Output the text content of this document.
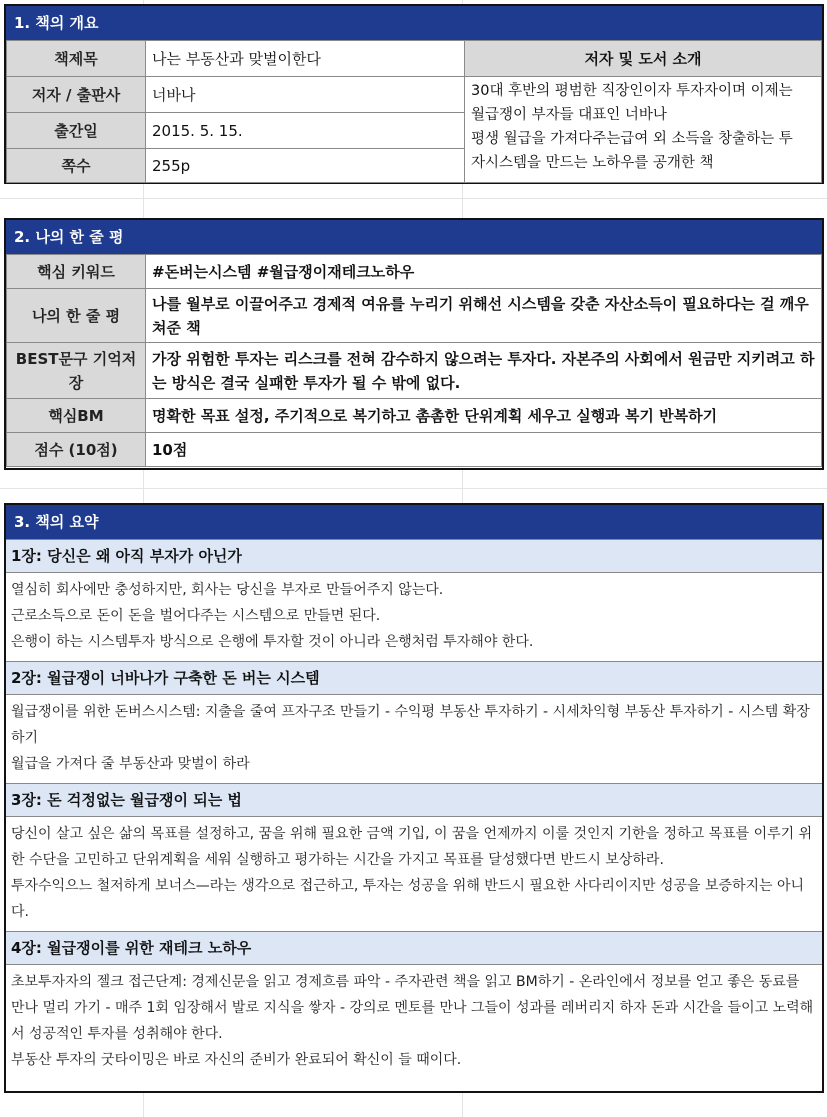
1. 책의 개요
책제목	나는 부동산과 맞벌이한다	저자 및 도서 소개
저자 / 출판사	너바나	30대 후반의 평범한 직장인이자 투자자이며 이제는
월급쟁이 부자들 대표인 너바나
평생 월급을 가져다주는급여 외 소득을 창출하는 투
자시스템을 만드는 노하우를 공개한 책

출간일	2015. 5. 15.	
쪽수	255p	
2. 나의 한 줄 평
핵심 키워드	#돈버는시스템 #월급쟁이재테크노하우
나의 한 줄 평	나를 월부로 이끌어주고 경제적 여유를 누리기 위해선 시스템을 갖춘 자산소득이 필요하다는 걸 깨우쳐준 책
BEST문구 기억저장	가장 위험한 투자는 리스크를 전혀 감수하지 않으려는 투자다. 자본주의 사회에서 원금만 지키려고 하는 방식은 결국 실패한 투자가 될 수 밖에 없다.
핵심BM	명확한 목표 설정, 주기적으로 복기하고 촘촘한 단위계획 세우고 실행과 복기 반복하기
점수 (10점)	10점
3. 책의 요약
1장: 당신은 왜 아직 부자가 아닌가
열심히 회사에만 충성하지만, 회사는 당신을 부자로 만들어주지 않는다.
근로소득으로 돈이 돈을 벌어다주는 시스템으로 만들면 된다.
은행이 하는 시스템투자 방식으로 은행에 투자할 것이 아니라 은행처럼 투자해야 한다.
2장: 월급쟁이 너바나가 구축한 돈 버는 시스템
월급쟁이를 위한 돈버스시스템: 지출을 줄여 프자구조 만들기 - 수익평 부동산 투자하기 - 시세차익형 부동산 투자하기 - 시스템 확장하기
월급을 가져다 줄 부동산과 맞벌이 하라
3장: 돈 걱정없는 월급쟁이 되는 법
당신이 살고 싶은 삶의 목표를 설정하고, 꿈을 위해 필요한 금액 기입, 이 꿈을 언제까지 이룰 것인지 기한을 정하고 목표를 이루기 위한 수단을 고민하고 단위계획을 세워 실행하고 평가하는 시간을 가지고 목표를 달성했다면 반드시 보상하라.
투자수익으느 철저하게 보너스—라는 생각으로 접근하고, 투자는 성공을 위해 반드시 필요한 사다리이지만 성공을 보증하지는 아니다.
4장: 월급쟁이를 위한 재테크 노하우
초보투자자의 젤크 접근단계: 경제신문을 읽고 경제흐름 파악 - 주자관련 책을 읽고 BM하기 - 온라인에서 정보를 얻고 좋은 동료를 만나 멀리 가기 - 매주 1회 임장해서 발로 지식을 쌓자 - 강의로 멘토를 만나 그들이 성과를 레버리지 하자 돈과 시간을 들이고 노력해서 성공적인 투자를 성취해야 한다.
부동산 투자의 굿타이밍은 바로 자신의 준비가 완료되어 확신이 들 때이다.
